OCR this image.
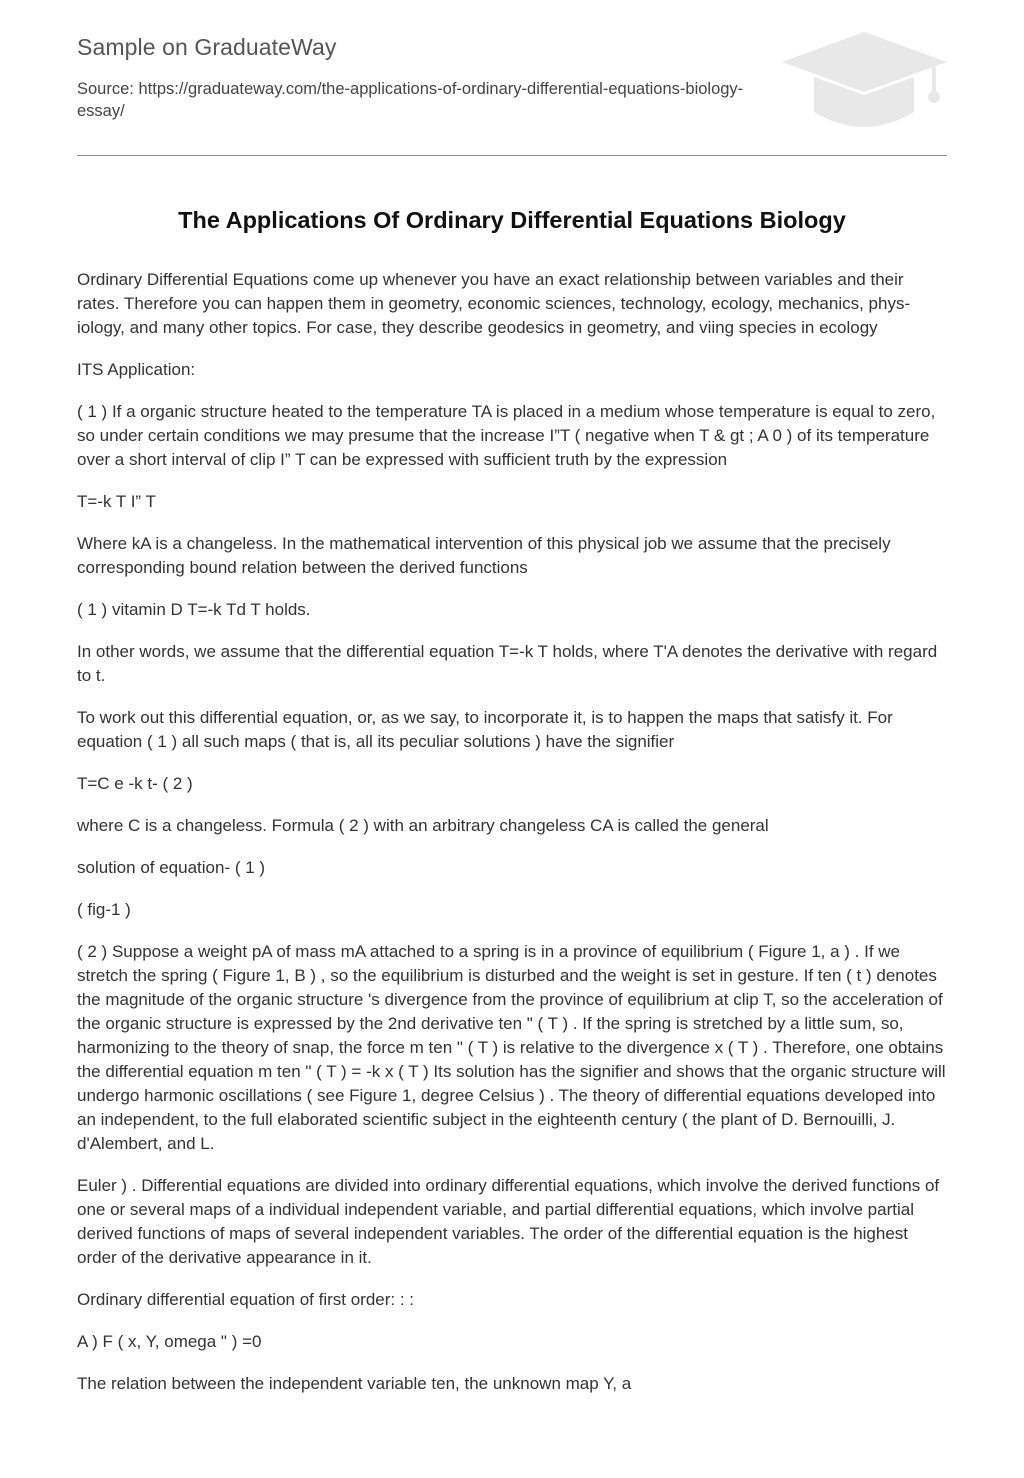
Sample on GraduateWay
Source: https://graduateway.com/the-applications-of-ordinary-differential-equations-biology-essay/
The Applications Of Ordinary Differential Equations Biology

Ordinary Differential Equations come up whenever you have an exact relationship between variables and their rates. Therefore you can happen them in geometry, economic sciences, technology, ecology, mechanics, phys- iology, and many other topics. For case, they describe geodesics in geometry, and viing species in ecology

ITS Application:

( 1 ) If a organic structure heated to the temperature TA is placed in a medium whose temperature is equal to zero, so under certain conditions we may presume that the increase I”T ( negative when T & gt ; A 0 ) of its temperature over a short interval of clip I” T can be expressed with sufficient truth by the expression

T=-k T I” T

Where kA is a changeless. In the mathematical intervention of this physical job we assume that the precisely corresponding bound relation between the derived functions

( 1 ) vitamin D T=-k Td T holds.

In other words, we assume that the differential equation T=-k T holds, where T'A denotes the derivative with regard to t.

To work out this differential equation, or, as we say, to incorporate it, is to happen the maps that satisfy it. For equation ( 1 ) all such maps ( that is, all its peculiar solutions ) have the signifier

T=C e -k t- ( 2 )

where C is a changeless. Formula ( 2 ) with an arbitrary changeless CA is called the general

solution of equation- ( 1 )

( fig-1 )

( 2 ) Suppose a weight pA of mass mA attached to a spring is in a province of equilibrium ( Figure 1, a ) . If we stretch the spring ( Figure 1, B ) , so the equilibrium is disturbed and the weight is set in gesture. If ten ( t ) denotes the magnitude of the organic structure 's divergence from the province of equilibrium at clip T, so the acceleration of the organic structure is expressed by the 2nd derivative ten " ( T ) . If the spring is stretched by a little sum, so, harmonizing to the theory of snap, the force m ten " ( T ) is relative to the divergence x ( T ) . Therefore, one obtains the differential equation m ten " ( T ) = -k x ( T ) Its solution has the signifier and shows that the organic structure will undergo harmonic oscillations ( see Figure 1, degree Celsius ) . The theory of differential equations developed into an independent, to the full elaborated scientific subject in the eighteenth century ( the plant of D. Bernouilli, J. d'Alembert, and L.

Euler ) . Differential equations are divided into ordinary differential equations, which involve the derived functions of one or several maps of a individual independent variable, and partial differential equations, which involve partial derived functions of maps of several independent variables. The order of the differential equation is the highest order of the derivative appearance in it.

Ordinary differential equation of first order: : :

A ) F ( x, Y, omega " ) =0

The relation between the independent variable ten, the unknown map Y, a
